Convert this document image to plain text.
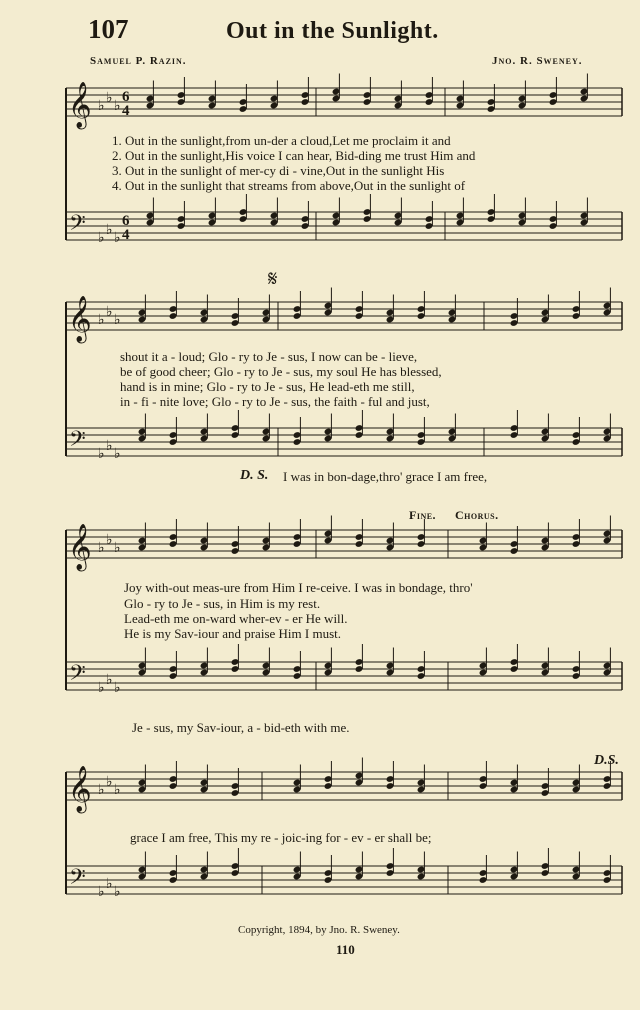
107	Out in the Sunlight.
Samuel P. Razin.	Jno. R. Sweney.
𝄞
𝄢
♭
♭
♭
♭
♭
♭
6
4
6
4
𝄞
𝄢
♭
♭
♭
♭
♭
♭
𝄞
𝄢
♭
♭
♭
♭
♭
♭
𝄞
𝄢
♭
♭
♭
♭
♭
♭
1. Out in the sunlight,from un-der a cloud,Let me proclaim it and
2. Out in the sunlight,His voice I can hear, Bid-ding me trust Him and
3. Out in the sunlight of mer-cy di - vine,Out in the sunlight His
4. Out in the sunlight that streams from above,Out in the sunlight of
𝄋
shout it a - loud; Glo - ry to Je - sus, I now can be - lieve,
be of good cheer; Glo - ry to Je - sus, my soul He has blessed,
hand is in mine; Glo - ry to Je - sus, He lead-eth me still,
in - fi - nite love; Glo - ry to Je - sus, the faith - ful and just,
D. S. I was in bon-dage,thro' grace I am free,
Fine. Chorus.
Joy with-out meas-ure from Him I re-ceive. I was in bondage, thro'
Glo - ry to Je - sus, in Him is my rest.
Lead-eth me on-ward wher-ev - er He will.
He is my Sav-iour and praise Him I must.
Je - sus, my Sav-iour, a - bid-eth with me.
D.S.
grace I am free, This my re - joic-ing for - ev - er shall be;
Copyright, 1894, by Jno. R. Sweney.
110
